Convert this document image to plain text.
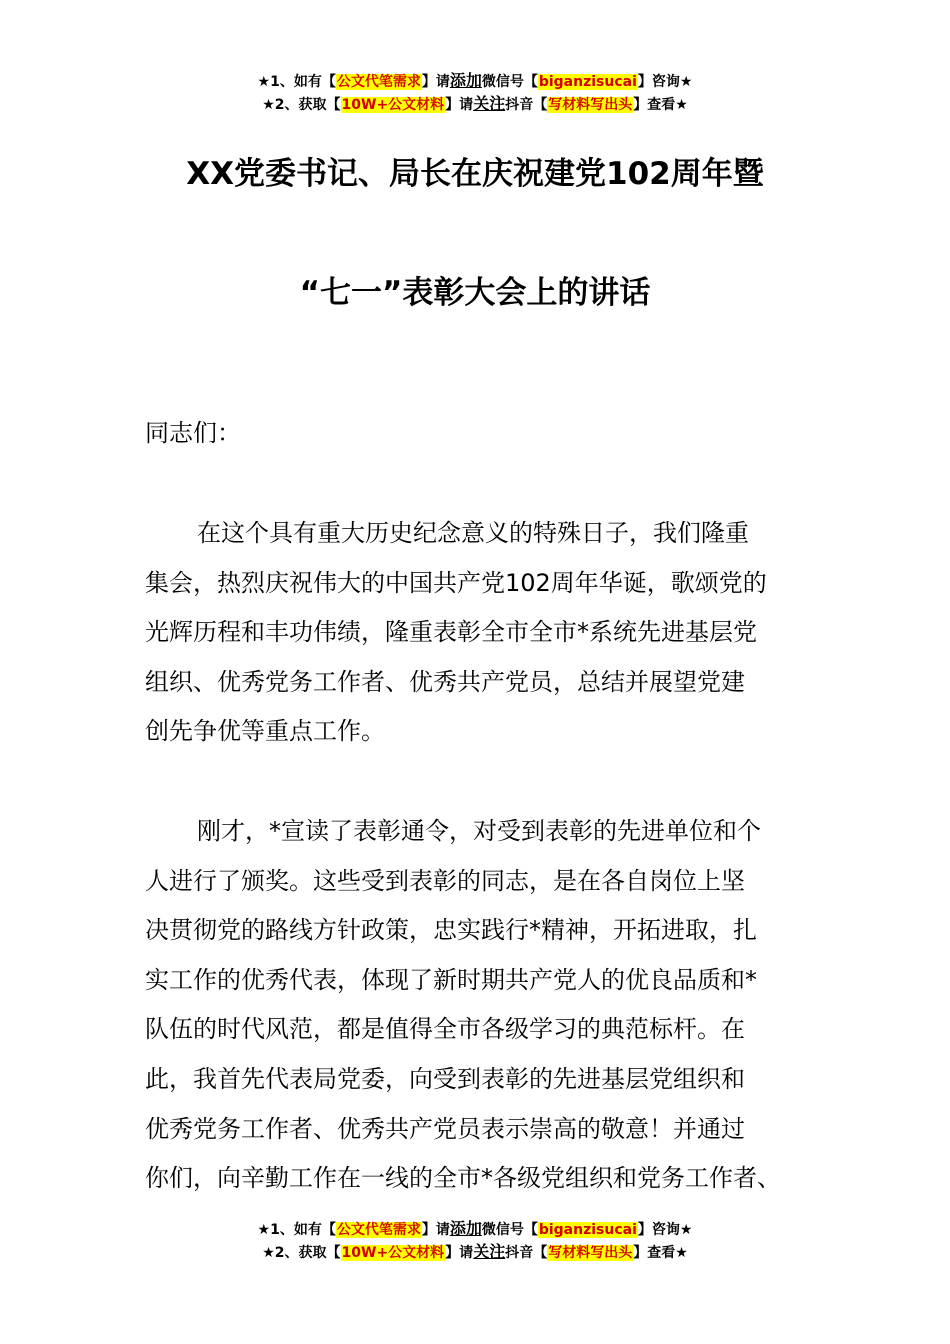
★1、如有【公文代笔需求】请添加微信号【biganzisucai】咨询★
★2、获取【10W+公文材料】请关注抖音【写材料写出头】查看★
XX党委书记、局长在庆祝建党102周年暨
“七一”表彰大会上的讲话
同志们：
在这个具有重大历史纪念意义的特殊日子，我们隆重
集会，热烈庆祝伟大的中国共产党102周年华诞，歌颂党的
光辉历程和丰功伟绩，隆重表彰全市全市*系统先进基层党
组织、优秀党务工作者、优秀共产党员，总结并展望党建
创先争优等重点工作。
刚才，*宣读了表彰通令，对受到表彰的先进单位和个
人进行了颁奖。这些受到表彰的同志，是在各自岗位上坚
决贯彻党的路线方针政策，忠实践行*精神，开拓进取，扎
实工作的优秀代表，体现了新时期共产党人的优良品质和*
队伍的时代风范，都是值得全市各级学习的典范标杆。在
此，我首先代表局党委，向受到表彰的先进基层党组织和
优秀党务工作者、优秀共产党员表示崇高的敬意！并通过
你们，向辛勤工作在一线的全市*各级党组织和党务工作者、
★1、如有【公文代笔需求】请添加微信号【biganzisucai】咨询★
★2、获取【10W+公文材料】请关注抖音【写材料写出头】查看★
